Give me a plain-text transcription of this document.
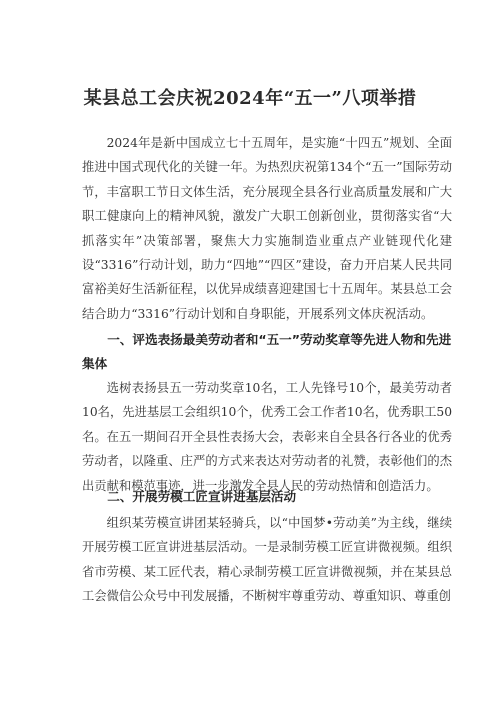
某县总工会庆祝2024年“五一”八项举措

2024年是新中国成立七十五周年，是实施“十四五”规划、全面推进中国式现代化的关键一年。为热烈庆祝第134个“五一”国际劳动节，丰富职工节日文体生活，充分展现全县各行业高质量发展和广大职工健康向上的精神风貌，激发广大职工创新创业，贯彻落实省“大抓落实年”决策部署，聚焦大力实施制造业重点产业链现代化建设“3316”行动计划，助力“四地”“四区”建设，奋力开启某人民共同富裕美好生活新征程，以优异成绩喜迎建国七十五周年。某县总工会结合助力“3316”行动计划和自身职能，开展系列文体庆祝活动。

一、评选表扬最美劳动者和“五一”劳动奖章等先进人物和先进集体

选树表扬县五一劳动奖章10名，工人先锋号10个，最美劳动者10名，先进基层工会组织10个，优秀工会工作者10名，优秀职工50名。在五一期间召开全县性表扬大会，表彰来自全县各行各业的优秀劳动者，以隆重、庄严的方式来表达对劳动者的礼赞，表彰他们的杰出贡献和模范事迹，进一步激发全县人民的劳动热情和创造活力。

二、开展劳模工匠宣讲进基层活动

组织某劳模宣讲团某轻骑兵，以“中国梦•劳动美”为主线，继续开展劳模工匠宣讲进基层活动。一是录制劳模工匠宣讲微视频。组织省市劳模、某工匠代表，精心录制劳模工匠宣讲微视频，并在某县总工会微信公众号中刊发展播，不断树牢尊重劳动、尊重知识、尊重创
